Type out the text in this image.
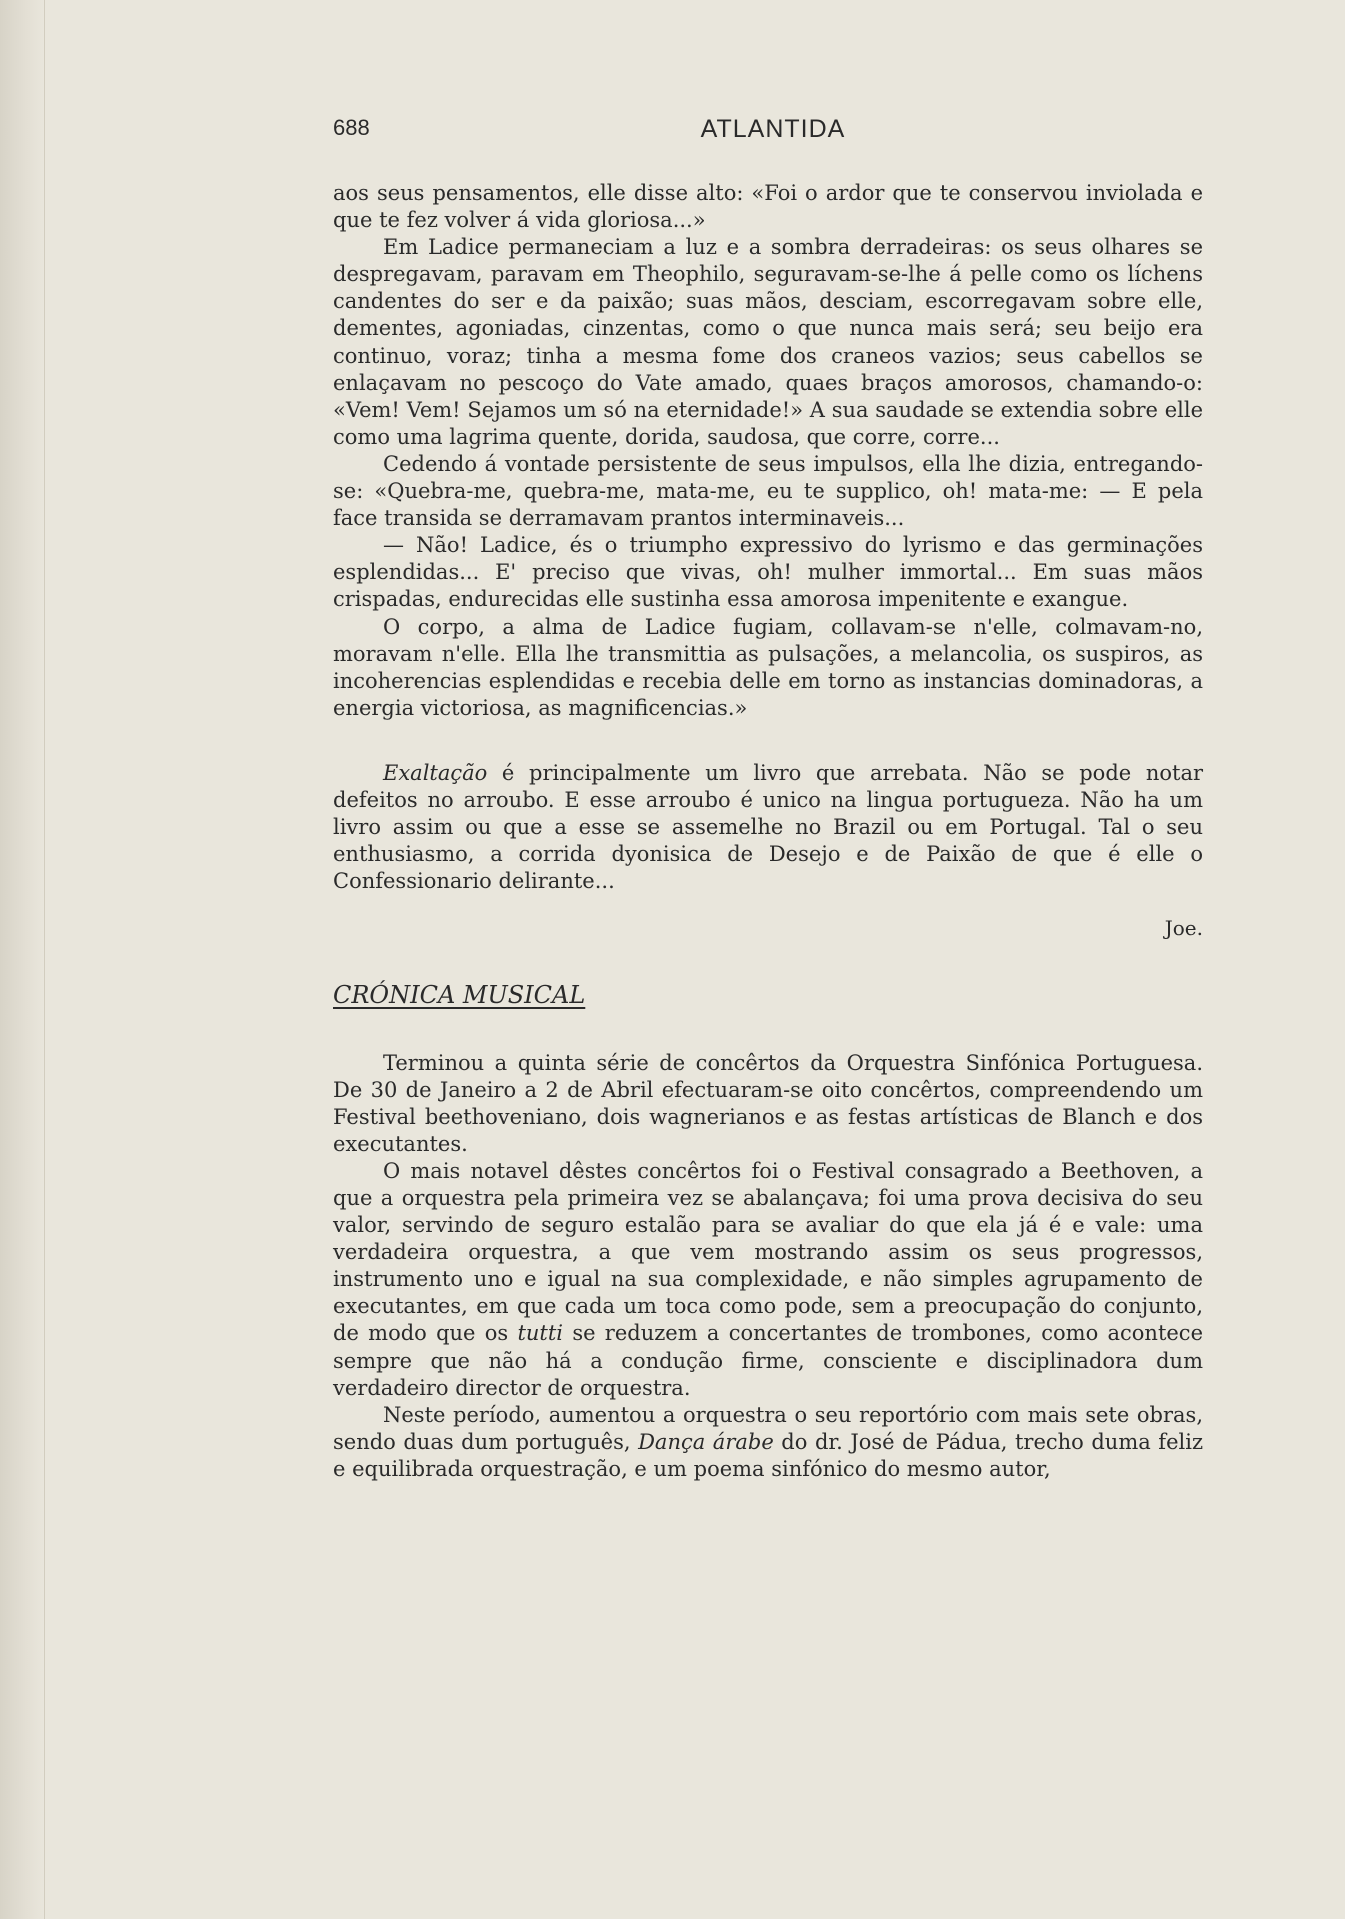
688	ATLANTIDA

aos seus pensamentos, elle disse alto: «Foi o ardor que te conservou inviolada e que te fez volver á vida gloriosa...»

Em Ladice permaneciam a luz e a sombra derradeiras: os seus olhares se despregavam, paravam em Theophilo, seguravam-se-lhe á pelle como os líchens candentes do ser e da paixão; suas mãos, desciam, escorregavam sobre elle, dementes, agoniadas, cinzentas, como o que nunca mais será; seu beijo era continuo, voraz; tinha a mesma fome dos craneos vazios; seus cabellos se enlaçavam no pescoço do Vate amado, quaes braços amorosos, chamando-o: «Vem! Vem! Sejamos um só na eternidade!» A sua saudade se extendia sobre elle como uma lagrima quente, dorida, saudosa, que corre, corre...

Cedendo á vontade persistente de seus impulsos, ella lhe dizia, entregando-se: «Quebra-me, quebra-me, mata-me, eu te supplico, oh! mata-me: — E pela face transida se derramavam prantos interminaveis...

— Não! Ladice, és o triumpho expressivo do lyrismo e das germinações esplendidas... E' preciso que vivas, oh! mulher immortal... Em suas mãos crispadas, endurecidas elle sustinha essa amorosa impenitente e exangue.

O corpo, a alma de Ladice fugiam, collavam-se n'elle, colmavam-no, moravam n'elle. Ella lhe transmittia as pulsações, a melancolia, os suspiros, as incoherencias esplendidas e recebia delle em torno as instancias dominadoras, a energia victoriosa, as magnificencias.»

Exaltação é principalmente um livro que arrebata. Não se pode notar defeitos no arroubo. E esse arroubo é unico na lingua portugueza. Não ha um livro assim ou que a esse se assemelhe no Brazil ou em Portugal. Tal o seu enthusiasmo, a corrida dyonisica de Desejo e de Paixão de que é elle o Confessionario delirante...

Joe.

CRÓNICA MUSICAL

Terminou a quinta série de concêrtos da Orquestra Sinfónica Portuguesa. De 30 de Janeiro a 2 de Abril efectuaram-se oito concêrtos, compreendendo um Festival beethoveniano, dois wagnerianos e as festas artísticas de Blanch e dos executantes.

O mais notavel dêstes concêrtos foi o Festival consagrado a Beethoven, a que a orquestra pela primeira vez se abalançava; foi uma prova decisiva do seu valor, servindo de seguro estalão para se avaliar do que ela já é e vale: uma verdadeira orquestra, a que vem mostrando assim os seus progressos, instrumento uno e igual na sua complexidade, e não simples agrupamento de executantes, em que cada um toca como pode, sem a preocupação do conjunto, de modo que os tutti se reduzem a concertantes de trombones, como acontece sempre que não há a condução firme, consciente e disciplinadora dum verdadeiro director de orquestra.

Neste período, aumentou a orquestra o seu reportório com mais sete obras, sendo duas dum português, Dança árabe do dr. José de Pádua, trecho duma feliz e equilibrada orquestração, e um poema sinfónico do mesmo autor,
